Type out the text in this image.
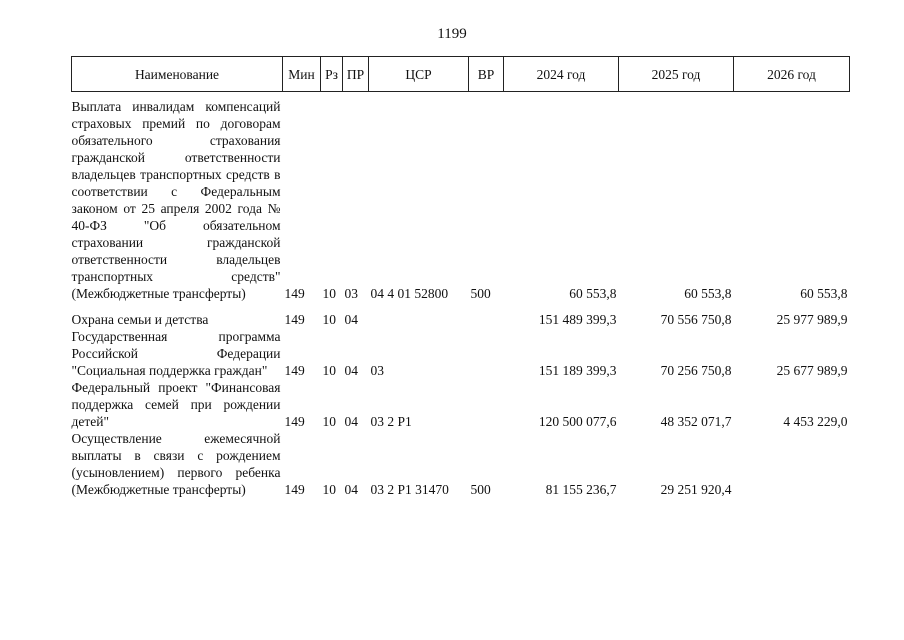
1199
Наименование	Мин	Рз	ПР	ЦСР	ВР	2024 год	2025 год	2026 год
Выплата инвалидам компенсаций страховых премий по договорам обязательного страхования гражданской ответственности владельцев транспортных средств в соответствии с Федеральным законом от 25 апреля 2002 года № 40-ФЗ "Об обязательном страховании гражданской ответственности владельцев транспортных средств" (Межбюджетные трансферты)	149	10	03	04 4 01 52800	500	60 553,8	60 553,8	60 553,8
Охрана семьи и детства	149	10	04			151 489 399,3	70 556 750,8	25 977 989,9
Государственная программа Российской Федерации "Социальная поддержка граждан"	149	10	04	03		151 189 399,3	70 256 750,8	25 677 989,9
Федеральный проект "Финансовая поддержка семей при рождении детей"	149	10	04	03 2 P1		120 500 077,6	48 352 071,7	4 453 229,0
Осуществление ежемесячной выплаты в связи с рождением (усыновлением) первого ребенка (Межбюджетные трансферты)	149	10	04	03 2 P1 31470	500	81 155 236,7	29 251 920,4	
